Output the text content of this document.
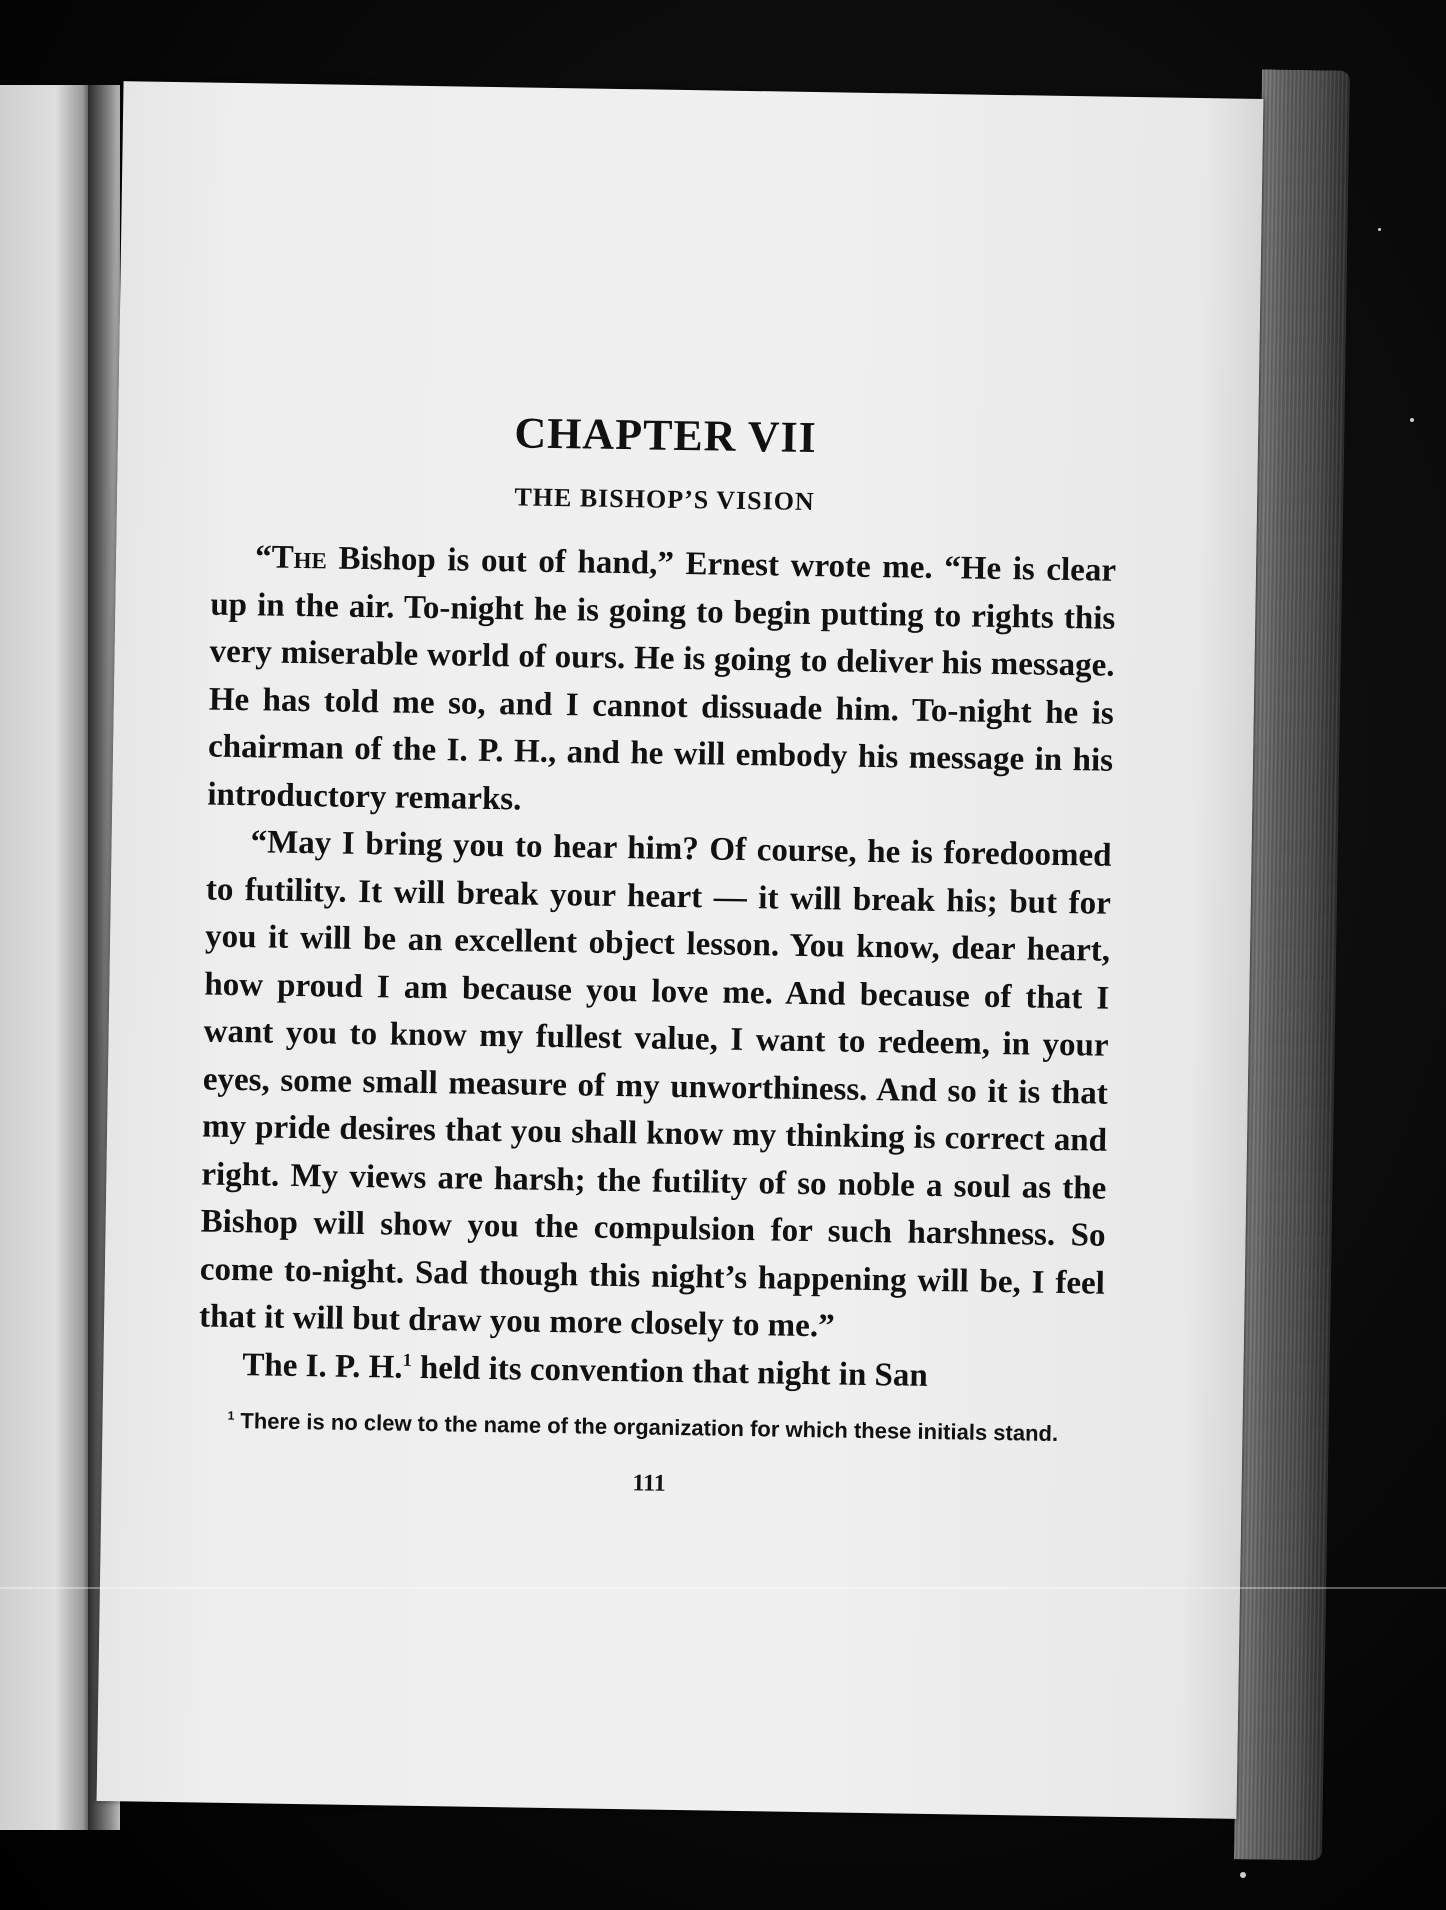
CHAPTER VII
THE BISHOP’S VISION

“The Bishop is out of hand,” Ernest wrote me. “He is clear up in the air. To-night he is going to begin putting to rights this very miserable world of ours. He is going to deliver his message. He has told me so, and I cannot dissuade him. To-night he is chairman of the I. P. H., and he will embody his message in his introductory remarks.

“May I bring you to hear him? Of course, he is foredoomed to futility. It will break your heart — it will break his; but for you it will be an excellent object lesson. You know, dear heart, how proud I am because you love me. And because of that I want you to know my fullest value, I want to redeem, in your eyes, some small measure of my unworthiness. And so it is that my pride desires that you shall know my thinking is correct and right. My views are harsh; the futility of so noble a soul as the Bishop will show you the compulsion for such harshness. So come to-night. Sad though this night’s happening will be, I feel that it will but draw you more closely to me.”

The I. P. H.$^1$ held its convention that night in San

$^1$ There is no clew to the name of the organization for which these initials stand.

111
